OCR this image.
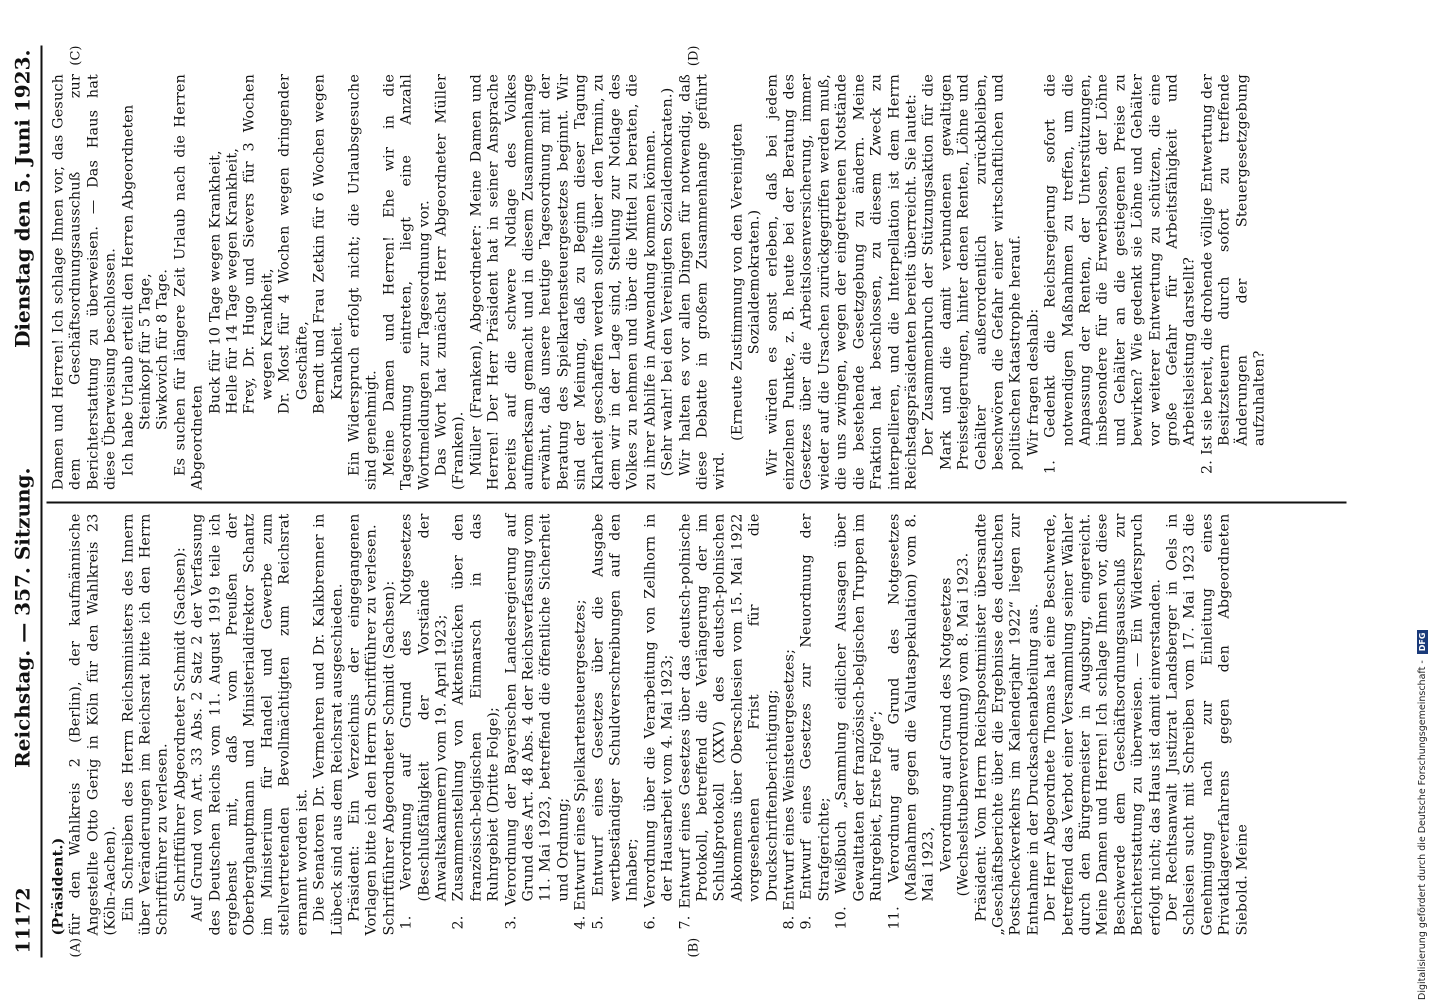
11172
Reichstag. — 357. Sitzung.
Dienstag den 5. Juni 1923.
(A)	(B)
(C)	(D)

(Präsident.) für den Wahlkreis 2 (Berlin), der kaufmännische Angestellte Otto Gerig in Köln für den Wahlkreis 23 (Köln-Aachen). Ein Schreiben des Herrn Reichsministers des Innern über Veränderungen im Reichsrat bitte ich den Herrn Schriftführer zu verlesen. Schriftführer Abgeordneter Schmidt (Sachsen): Auf Grund von Art. 33 Abs. 2 Satz 2 der Verfassung des Deutschen Reichs vom 11. August 1919 teile ich ergebenst mit, daß vom Preußen der Oberberghauptmann und Ministerialdirektor Schantz im Ministerium für Handel und Gewerbe zum stellvertretenden Bevollmächtigten zum Reichsrat ernannt worden ist. Die Senatoren Dr. Vermehren und Dr. Kalkbrenner in Lübeck sind aus dem Reichsrat ausgeschieden. Präsident: Ein Verzeichnis der eingegangenen Vorlagen bitte ich den Herrn Schriftführer zu verlesen. Schriftführer Abgeordneter Schmidt (Sachsen): 1. Verordnung auf Grund des Notgesetzes (Beschlußfähigkeit der Vorstände der Anwaltskammern) vom 19. April 1923; 2. Zusammenstellung von Aktenstücken über den französisch-belgischen Einmarsch in das Ruhrgebiet (Dritte Folge); 3. Verordnung der Bayerischen Landesregierung auf Grund des Art. 48 Abs. 4 der Reichsverfassung vom 11. Mai 1923, betreffend die öffentliche Sicherheit und Ordnung; 4. Entwurf eines Spielkartensteuergesetzes; 5. Entwurf eines Gesetzes über die Ausgabe wertbeständiger Schuldverschreibungen auf den Inhaber; 6. Verordnung über die Verarbeitung von Zellhorn in der Hausarbeit vom 4. Mai 1923; 7. Entwurf eines Gesetzes über das deutsch-polnische Protokoll, betreffend die Verlängerung der im Schlußprotokoll (XXV) des deutsch-polnischen Abkommens über Oberschlesien vom 15. Mai 1922 vorgesehenen Frist für die Druckschriftenberichtigung; 8. Entwurf eines Weinsteuergesetzes; 9. Entwurf eines Gesetzes zur Neuordnung der Strafgerichte; 10. Weißbuch „Sammlung eidlicher Aussagen über Gewalttaten der französisch-belgischen Truppen im Ruhrgebiet, Erste Folge“; 11. Verordnung auf Grund des Notgesetzes (Maßnahmen gegen die Valutaspekulation) vom 8. Mai 1923, Verordnung auf Grund des Notgesetzes (Wechselstubenverordnung) vom 8. Mai 1923. Präsident: Vom Herrn Reichspostminister übersandte „Geschäftsberichte über die Ergebnisse des deutschen Postscheckverkehrs im Kalenderjahr 1922“ liegen zur Entnahme in der Drucksachenabteilung aus. Der Herr Abgeordnete Thomas hat eine Beschwerde, betreffend das Verbot einer Versammlung seiner Wähler durch den Bürgermeister in Augsburg, eingereicht. Meine Damen und Herren! Ich schlage Ihnen vor, diese Beschwerde dem Geschäftsordnungsausschuß zur Berichterstattung zu überweisen. — Ein Widerspruch erfolgt nicht; das Haus ist damit einverstanden. Der Rechtsanwalt Justizrat Landsberger in Oels in Schlesien sucht mit Schreiben vom 17. Mai 1923 die Genehmigung nach zur Einleitung eines Privatklageverfahrens gegen den Abgeordneten Siebold. Meine

Damen und Herren! Ich schlage Ihnen vor, das Gesuch dem Geschäftsordnungsausschuß zur Berichterstattung zu überweisen. — Das Haus hat diese Überweisung beschlossen. Ich habe Urlaub erteilt den Herren Abgeordneten Steinkopf für 5 Tage, Siwkovich für 8 Tage. Es suchen für längere Zeit Urlaub nach die Herren Abgeordneten

Buck für 10 Tage wegen Krankheit, Helle für 14 Tage wegen Krankheit, Frey, Dr. Hugo und Sievers für 3 Wochen wegen Krankheit, Dr. Most für 4 Wochen wegen dringender Geschäfte, Berndt und Frau Zetkin für 6 Wochen wegen Krankheit. Ein Widerspruch erfolgt nicht; die Urlaubsgesuche sind genehmigt. Meine Damen und Herren! Ehe wir in die Tagesordnung eintreten, liegt eine Anzahl Wortmeldungen zur Tagesordnung vor. Das Wort hat zunächst Herr Abgeordneter Müller (Franken). Müller (Franken), Abgeordneter: Meine Damen und Herren! Der Herr Präsident hat in seiner Ansprache bereits auf die schwere Notlage des Volkes aufmerksam gemacht und in diesem Zusammenhange erwähnt, daß unsere heutige Tagesordnung mit der Beratung des Spielkartensteuergesetzes beginnt. Wir sind der Meinung, daß zu Beginn dieser Tagung Klarheit geschaffen werden sollte über den Termin, zu dem wir in der Lage sind, Stellung zur Notlage des Volkes zu nehmen und über die Mittel zu beraten, die zu ihrer Abhilfe in Anwendung kommen können. (Sehr wahr! bei den Vereinigten Sozialdemokraten.) Wir halten es vor allen Dingen für notwendig, daß diese Debatte in großem Zusammenhange geführt wird.

(Erneute Zustimmung von den Vereinigten Sozialdemokraten.) Wir würden es sonst erleben, daß bei jedem einzelnen Punkte, z. B. heute bei der Beratung des Gesetzes über die Arbeitslosenversicherung, immer wieder auf die Ursachen zurückgegriffen werden muß, die uns zwingen, wegen der eingetretenen Notstände die bestehende Gesetzgebung zu ändern. Meine Fraktion hat beschlossen, zu diesem Zweck zu interpellieren, und die Interpellation ist dem Herrn Reichstagspräsidenten bereits überreicht. Sie lautet: Der Zusammenbruch der Stützungsaktion für die Mark und die damit verbundenen gewaltigen Preissteigerungen, hinter denen Renten, Löhne und Gehälter außerordentlich zurückbleiben, beschwören die Gefahr einer wirtschaftlichen und politischen Katastrophe herauf. Wir fragen deshalb: 1. Gedenkt die Reichsregierung sofort die notwendigen Maßnahmen zu treffen, um die Anpassung der Renten, der Unterstützungen, insbesondere für die Erwerbslosen, der Löhne und Gehälter an die gestiegenen Preise zu bewirken? Wie gedenkt sie Löhne und Gehälter vor weiterer Entwertung zu schützen, die eine große Gefahr für Arbeitsfähigkeit und Arbeitsleistung darstellt? 2. Ist sie bereit, die drohende völlige Entwertung der Besitzsteuern durch sofort zu treffende Änderungen der Steuergesetzgebung aufzuhalten?

Digitalisierung gefördert durch die Deutsche Forschungsgemeinschaft -
DFG
